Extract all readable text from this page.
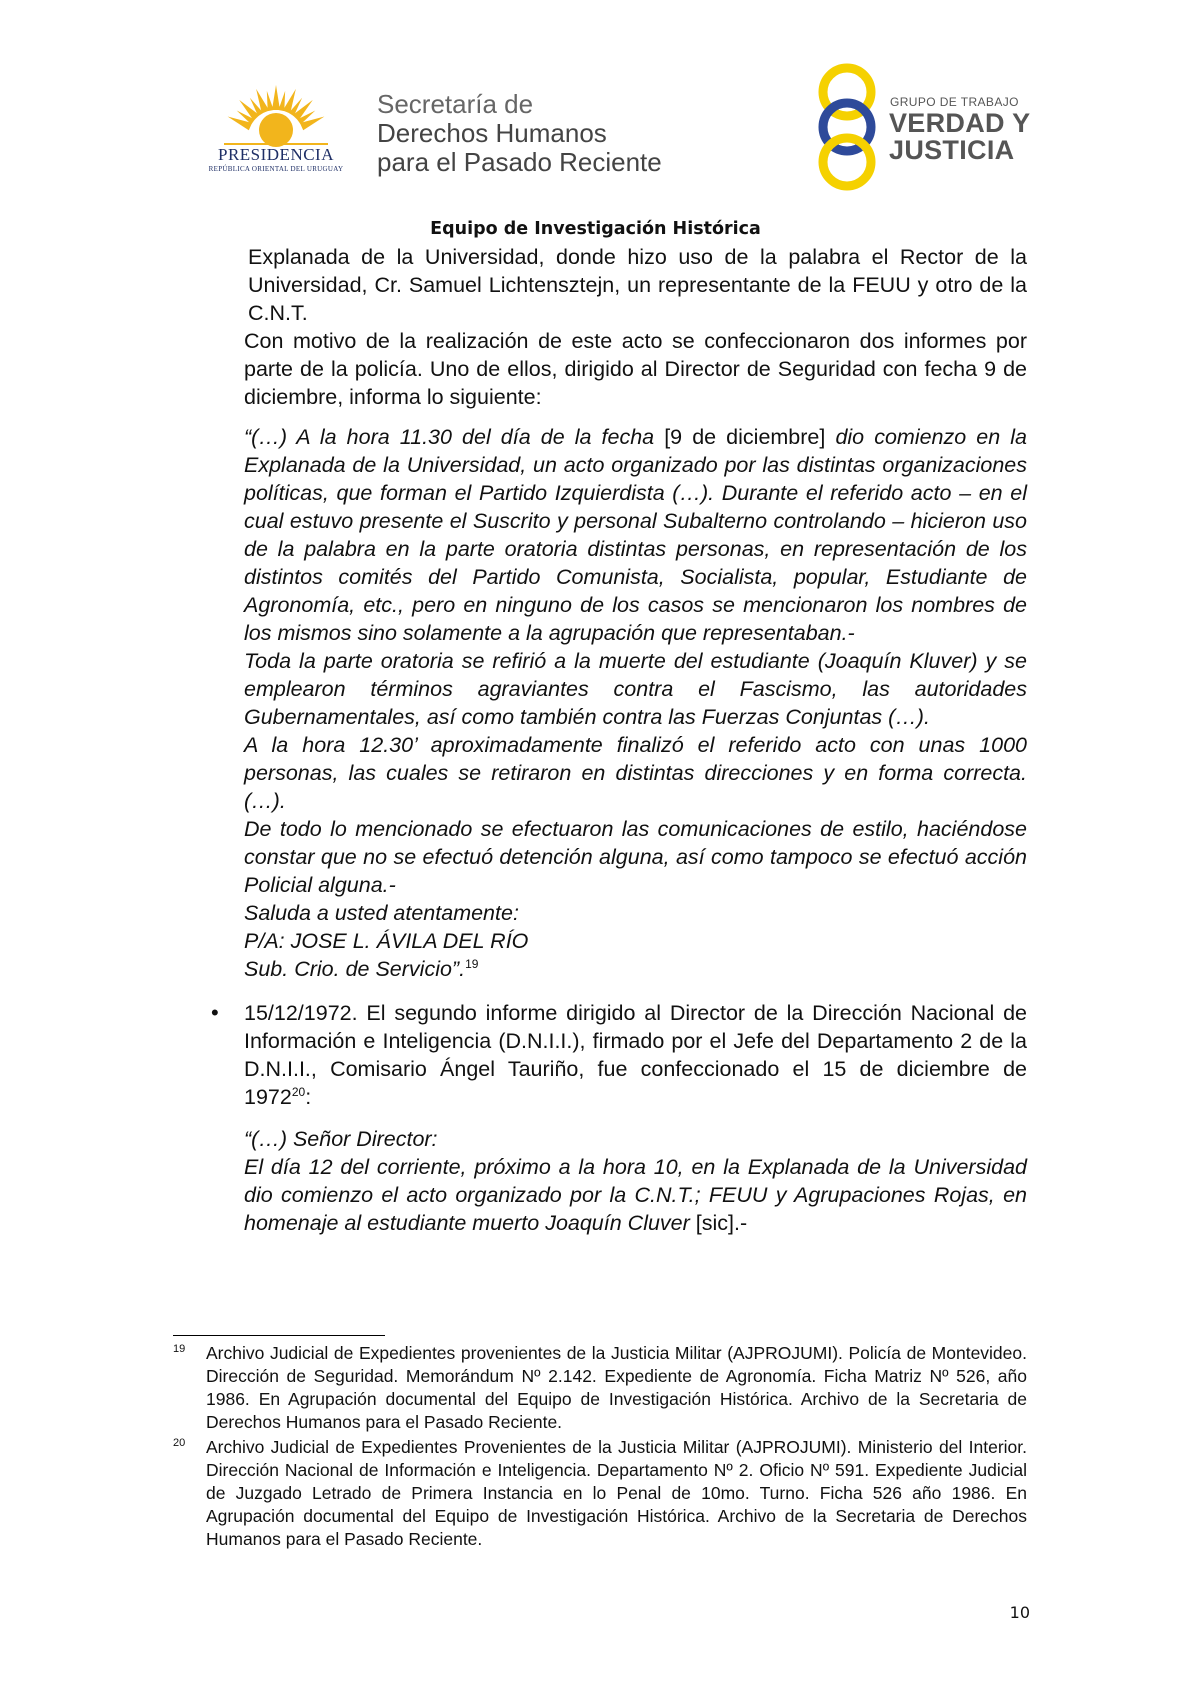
PRESIDENCIA
REPÚBLICA ORIENTAL DEL URUGUAY
Secretaría de
Derechos Humanos
para el Pasado Reciente
GRUPO DE TRABAJO
VERDAD Y
JUSTICIA
Equipo de Investigación Histórica

Explanada de la Universidad, donde hizo uso de la palabra el Rector de la Universidad, Cr. Samuel Lichtensztejn, un representante de la FEUU y otro de la C.N.T.

Con motivo de la realización de este acto se confeccionaron dos informes por parte de la policía. Uno de ellos, dirigido al Director de Seguridad con fecha 9 de diciembre, informa lo siguiente:

“(…) A la hora 11.30 del día de la fecha [9 de diciembre] dio comienzo en la Explanada de la Universidad, un acto organizado por las distintas organizaciones políticas, que forman el Partido Izquierdista (…). Durante el referido acto – en el cual estuvo presente el Suscrito y personal Subalterno controlando – hicieron uso de la palabra en la parte oratoria distintas personas, en representación de los distintos comités del Partido Comunista, Socialista, popular, Estudiante de Agronomía, etc., pero en ninguno de los casos se mencionaron los nombres de los mismos sino solamente a la agrupación que representaban.-

Toda la parte oratoria se refirió a la muerte del estudiante (Joaquín Kluver) y se emplearon términos agraviantes contra el Fascismo, las autoridades Gubernamentales, así como también contra las Fuerzas Conjuntas (…).

A la hora 12.30’ aproximadamente finalizó el referido acto con unas 1000 personas, las cuales se retiraron en distintas direcciones y en forma correcta. (…).

De todo lo mencionado se efectuaron las comunicaciones de estilo, haciéndose constar que no se efectuó detención alguna, así como tampoco se efectuó acción Policial alguna.-

Saluda a usted atentamente:

P/A: JOSE L. ÁVILA DEL RÍO

Sub. Crio. de Servicio”.$^{19}$

• 15/12/1972. El segundo informe dirigido al Director de la Dirección Nacional de Información e Inteligencia (D.N.I.I.), firmado por el Jefe del Departamento 2 de la D.N.I.I., Comisario Ángel Tauriño, fue confeccionado el 15 de diciembre de 1972$^{20}$:

“(…) Señor Director:

El día 12 del corriente, próximo a la hora 10, en la Explanada de la Universidad dio comienzo el acto organizado por la C.N.T.; FEUU y Agrupaciones Rojas, en homenaje al estudiante muerto Joaquín Cluver [sic].-

19 Archivo Judicial de Expedientes provenientes de la Justicia Militar (AJPROJUMI). Policía de Montevideo. Dirección de Seguridad. Memorándum Nº 2.142. Expediente de Agronomía. Ficha Matriz Nº 526, año 1986. En Agrupación documental del Equipo de Investigación Histórica. Archivo de la Secretaria de Derechos Humanos para el Pasado Reciente.
20 Archivo Judicial de Expedientes Provenientes de la Justicia Militar (AJPROJUMI). Ministerio del Interior. Dirección Nacional de Información e Inteligencia. Departamento Nº 2. Oficio Nº 591. Expediente Judicial de Juzgado Letrado de Primera Instancia en lo Penal de 10mo. Turno. Ficha 526 año 1986. En Agrupación documental del Equipo de Investigación Histórica. Archivo de la Secretaria de Derechos Humanos para el Pasado Reciente.
10
